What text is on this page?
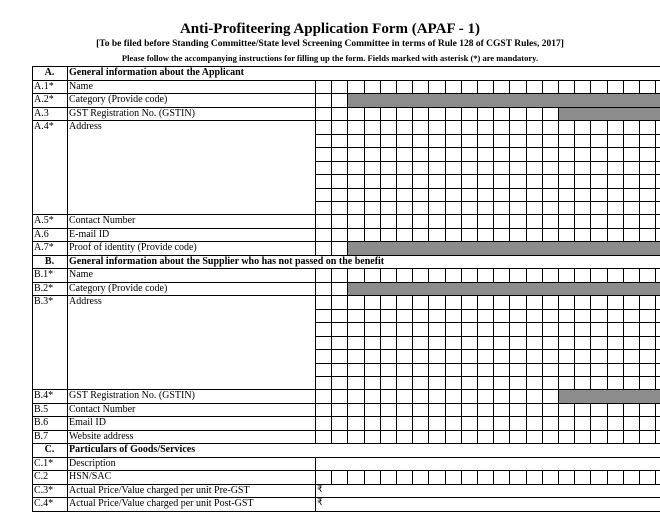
Anti-Profiteering Application Form (APAF - 1)
[To be filed before Standing Committee/State level Screening Committee in terms of Rule 128 of CGST Rules, 2017]
Please follow the accompanying instructions for filling up the form. Fields marked with asterisk (*) are mandatory.
A.	General information about the Applicant
A.1*	Name
A.2*	Category (Provide code)
A.3	GST Registration No. (GSTIN)
A.4*	Address
A.5*	Contact Number
A.6	E-mail ID
A.7*	Proof of identity (Provide code)
B.	General information about the Supplier who has not passed on the benefit
B.1*	Name
B.2*	Category (Provide code)
B.3*	Address
B.4*	GST Registration No. (GSTIN)
B.5	Contact Number
B.6	Email ID
B.7	Website address
C.	Particulars of Goods/Services
C.1*	Description
C.2	HSN/SAC
C.3*	Actual Price/Value charged per unit Pre-GST	₹
C.4*	Actual Price/Value charged per unit Post-GST	₹
